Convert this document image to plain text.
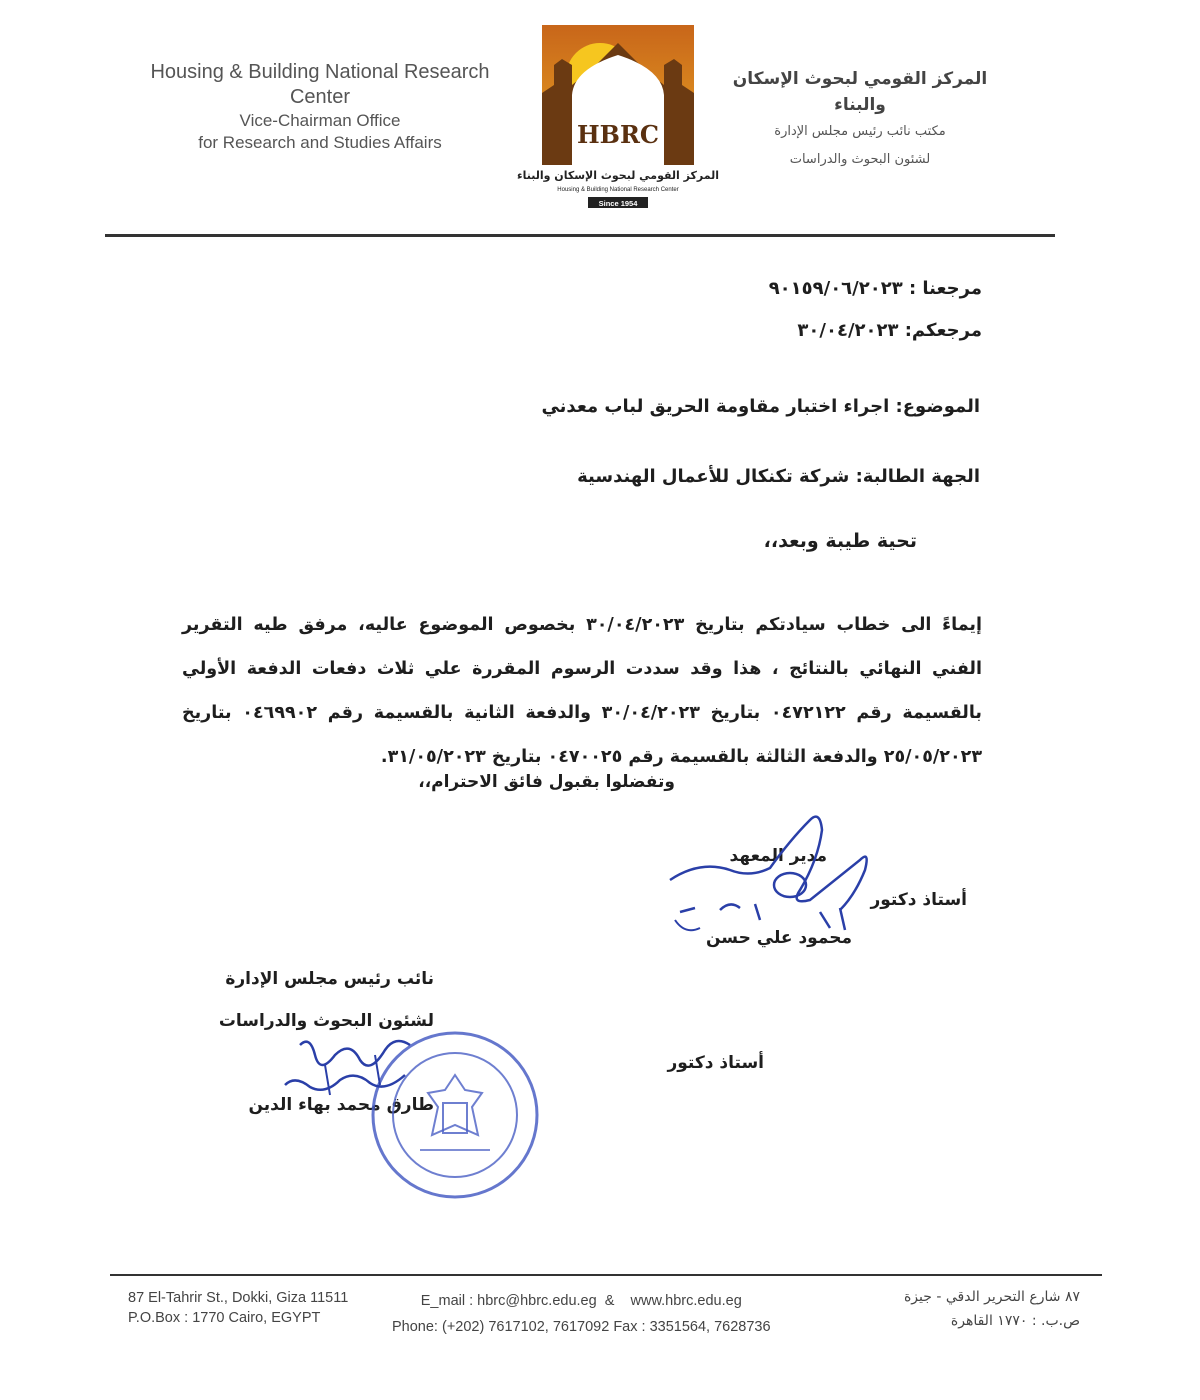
Housing & Building National Research Center
Vice-Chairman Office
for Research and Studies Affairs	HBRC
المركز القومي لبحوث الإسكان والبناء
Housing & Building National Research Center
Since 1954
المركز القومي لبحوث الإسكان والبناء
مكتب نائب رئيس مجلس الإدارة
لشئون البحوث والدراسات
مرجعنا : ٩٠١٥٩/٠٦/٢٠٢٣
مرجعكم: ٣٠/٠٤/٢٠٢٣
الموضوع: اجراء اختبار مقاومة الحريق لباب معدني
الجهة الطالبة: شركة تكنكال للأعمال الهندسية
تحية طيبة وبعد،،
إيماءً الى خطاب سيادتكم بتاريخ ٣٠/٠٤/٢٠٢٣ بخصوص الموضوع عاليه، مرفق طيه التقرير الفني النهائي بالنتائج ، هذا وقد سددت الرسوم المقررة علي ثلاث دفعات الدفعة الأولي بالقسيمة رقم ٠٤٧٢١٢٢ بتاريخ ٣٠/٠٤/٢٠٢٣ والدفعة الثانية بالقسيمة رقم ٠٤٦٩٩٠٢ بتاريخ ٢٥/٠٥/٢٠٢٣ والدفعة الثالثة بالقسيمة رقم ٠٤٧٠٠٢٥ بتاريخ ٣١/٠٥/٢٠٢٣.
وتفضلوا بقبول فائق الاحترام،،
مدير المعهد
أستاذ دكتور
محمود علي حسن
نائب رئيس مجلس الإدارة
لشئون البحوث والدراسات
أستاذ دكتور
طارق محمد بهاء الدين
87 El-Tahrir St., Dokki, Giza 11511
P.O.Box : 1770 Cairo, EGYPT
E_mail : hbrc@hbrc.edu.eg  &    www.hbrc.edu.eg
Phone: (+202) 7617102, 7617092 Fax : 3351564, 7628736
٨٧ شارع التحرير الدقي - جيزة
ص.ب. : ١٧٧٠ القاهرة
